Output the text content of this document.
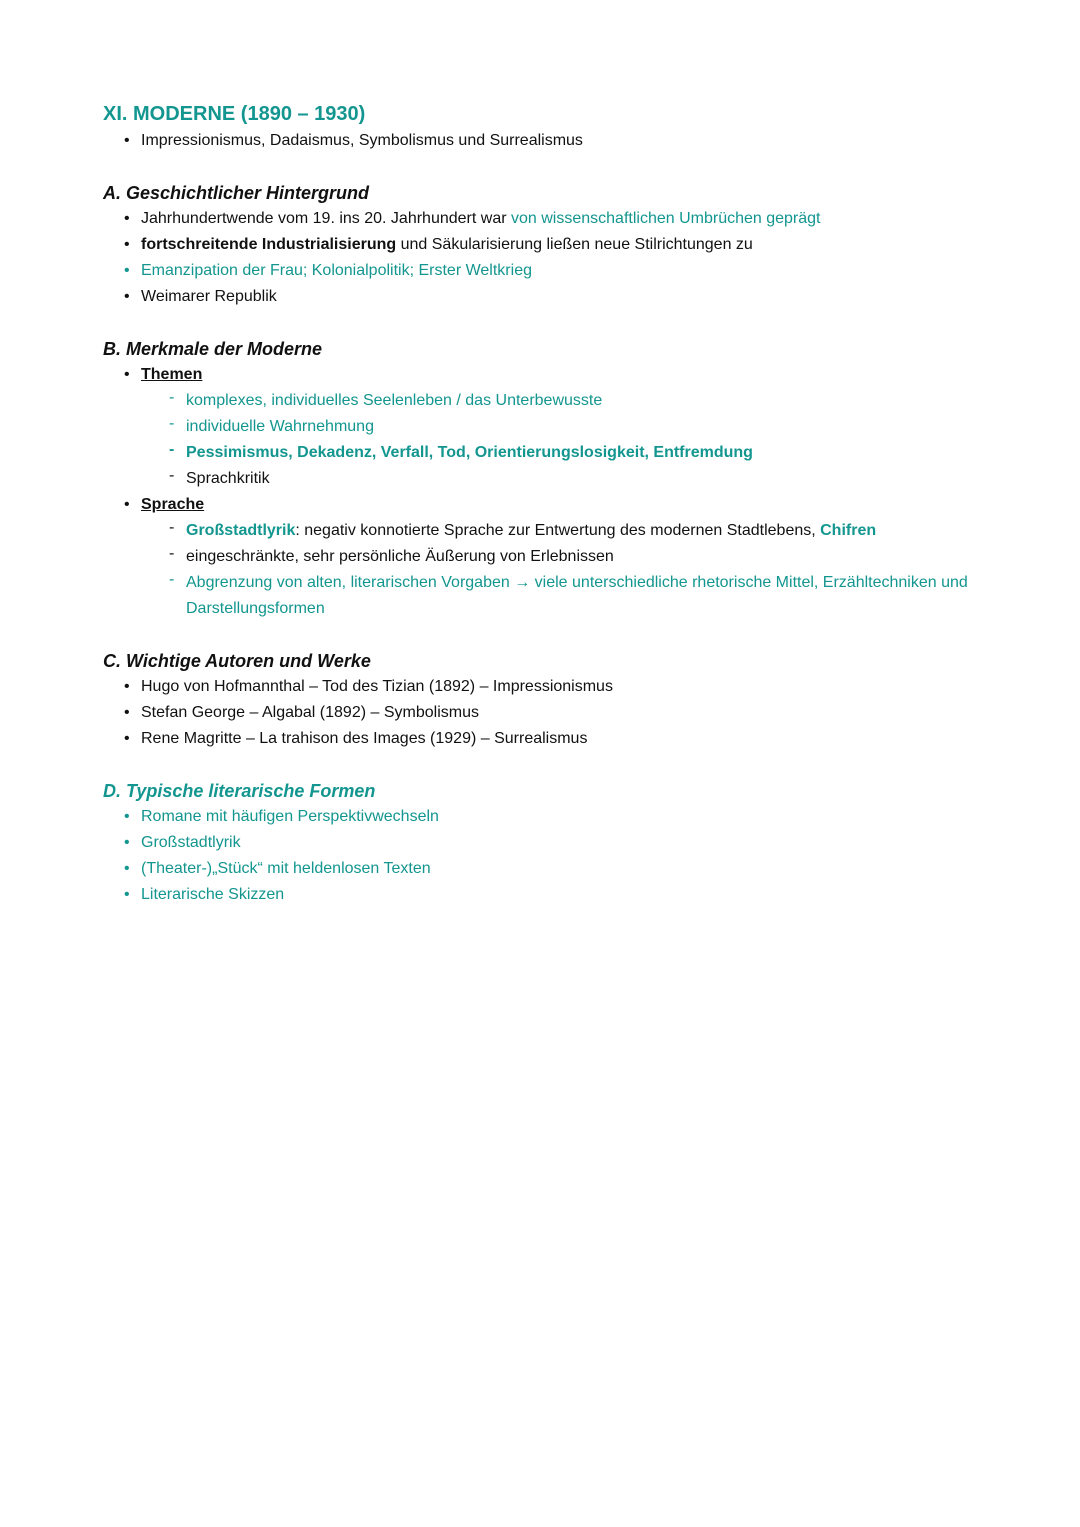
XI. MODERNE (1890 – 1930)
• Impressionismus, Dadaismus, Symbolismus und Surrealismus
A. Geschichtlicher Hintergrund
• Jahrhundertwende vom 19. ins 20. Jahrhundert war von wissenschaftlichen Umbrüchen geprägt
• fortschreitende Industrialisierung und Säkularisierung ließen neue Stilrichtungen zu
• Emanzipation der Frau; Kolonialpolitik; Erster Weltkrieg
• Weimarer Republik
B. Merkmale der Moderne
• Themen
- komplexes, individuelles Seelenleben / das Unterbewusste
- individuelle Wahrnehmung
- Pessimismus, Dekadenz, Verfall, Tod, Orientierungslosigkeit, Entfremdung
- Sprachkritik
• Sprache
- Großstadtlyrik: negativ konnotierte Sprache zur Entwertung des modernen Stadtlebens, Chifren
- eingeschränkte, sehr persönliche Äußerung von Erlebnissen
- Abgrenzung von alten, literarischen Vorgaben → viele unterschiedliche rhetorische Mittel, Erzähltechniken und Darstellungsformen
C. Wichtige Autoren und Werke
• Hugo von Hofmannthal – Tod des Tizian (1892) – Impressionismus
• Stefan George – Algabal (1892) – Symbolismus
• Rene Magritte – La trahison des Images (1929) – Surrealismus
D. Typische literarische Formen
• Romane mit häufigen Perspektivwechseln
• Großstadtlyrik
• (Theater-)„Stück“ mit heldenlosen Texten
• Literarische Skizzen
